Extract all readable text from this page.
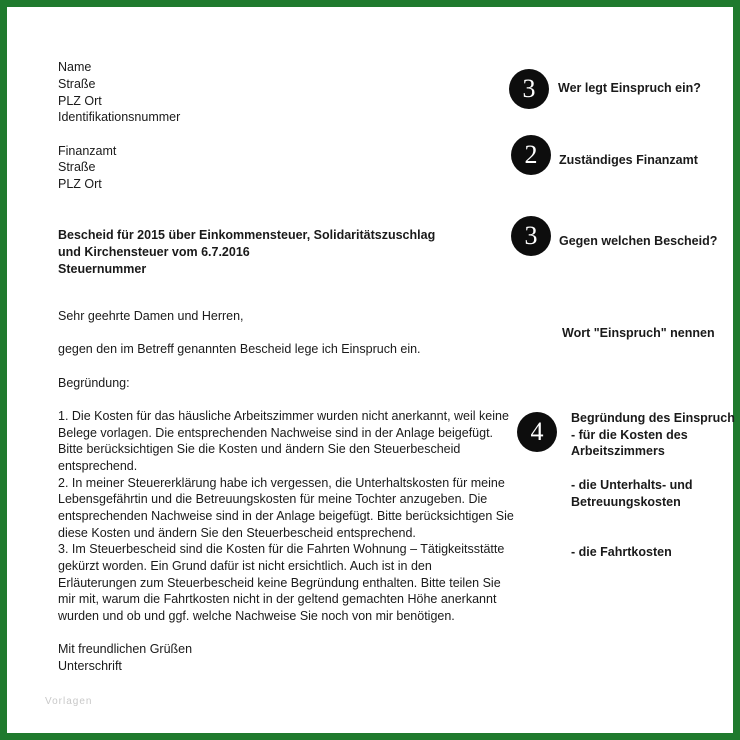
Name
Straße
PLZ Ort
Identifikationsnummer
Finanzamt
Straße
PLZ Ort
Bescheid für 2015 über Einkommensteuer, Solidaritätszuschlag
und Kirchensteuer vom 6.7.2016
Steuernummer
Sehr geehrte Damen und Herren,
gegen den im Betreff genannten Bescheid lege ich Einspruch ein.
Begründung:
1. Die Kosten für das häusliche Arbeitszimmer wurden nicht anerkannt, weil keine
Belege vorlagen. Die entsprechenden Nachweise sind in der Anlage beigefügt.
Bitte berücksichtigen Sie die Kosten und ändern Sie den Steuerbescheid
entsprechend.
2. In meiner Steuererklärung habe ich vergessen, die Unterhaltskosten für meine
Lebensgefährtin und die Betreuungskosten für meine Tochter anzugeben. Die
entsprechenden Nachweise sind in der Anlage beigefügt. Bitte berücksichtigen Sie
diese Kosten und ändern Sie den Steuerbescheid entsprechend.
3. Im Steuerbescheid sind die Kosten für die Fahrten Wohnung – Tätigkeitsstätte
gekürzt worden. Ein Grund dafür ist nicht ersichtlich. Auch ist in den
Erläuterungen zum Steuerbescheid keine Begründung enthalten. Bitte teilen Sie
mir mit, warum die Fahrtkosten nicht in der geltend gemachten Höhe anerkannt
wurden und ob und ggf. welche Nachweise Sie noch von mir benötigen.
Mit freundlichen Grüßen
Unterschrift
3	Wer legt Einspruch ein?
2	Zuständiges Finanzamt
3	Gegen welchen Bescheid?
Wort "Einspruch" nennen
4	Begründung des Einspruch
- für die Kosten des
Arbeitszimmers
- die Unterhalts- und
Betreuungskosten
- die Fahrtkosten
Vorlagen
